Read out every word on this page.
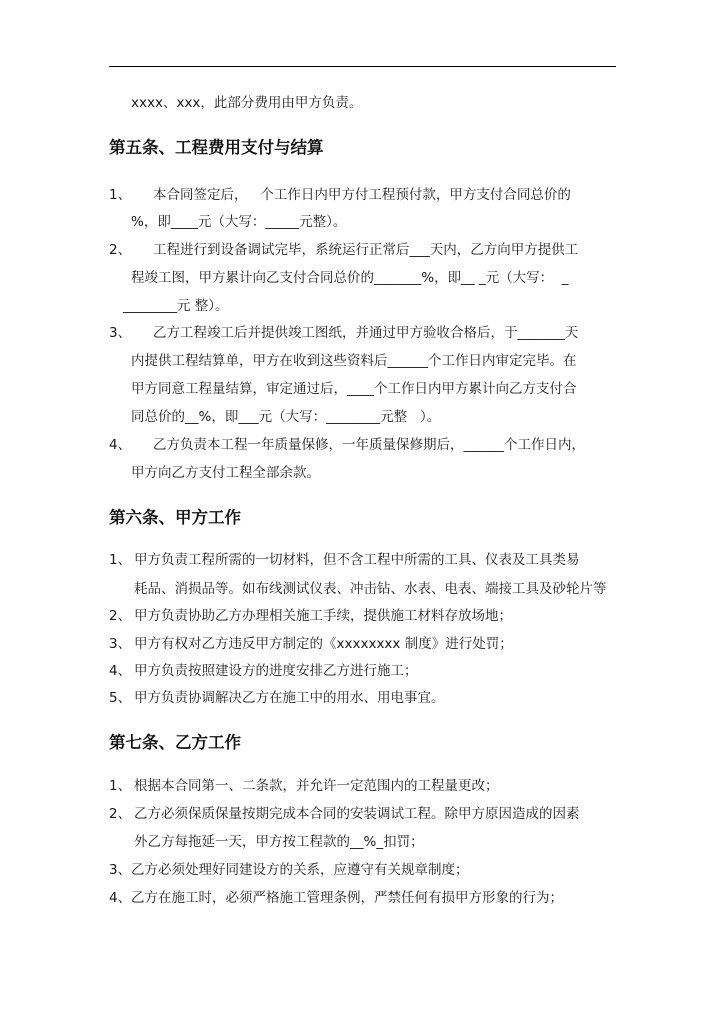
xxxx、xxx，此部分费用由甲方负责。
第五条、工程费用支付与结算
1、 本合同签定后，   个工作日内甲方付工程预付款，甲方支付合同总价的
%，即____元（大写：_____元整）。
2、 工程进行到设备调试完毕，系统运行正常后___天内，乙方向甲方提供工
程竣工图，甲方累计向乙支付合同总价的_______%，即__ _元（大写：  _
________元 整）。
3、 乙方工程竣工后并提供竣工图纸，并通过甲方验收合格后，于_______天
内提供工程结算单，甲方在收到这些资料后______个工作日内审定完毕。在
甲方同意工程量结算，审定通过后，____个工作日内甲方累计向乙方支付合
同总价的__%，即___元（大写：________元整   ）。
4、 乙方负责本工程一年质量保修，一年质量保修期后，______个工作日内，
甲方向乙方支付工程全部余款。
第六条、甲方工作
1、 甲方负责工程所需的一切材料，但不含工程中所需的工具、仪表及工具类易
耗品、消损品等。如布线测试仪表、冲击钻、水表、电表、端接工具及砂轮片等
2、 甲方负责协助乙方办理相关施工手续，提供施工材料存放场地；
3、 甲方有权对乙方违反甲方制定的《xxxxxxxx 制度》进行处罚；
4、 甲方负责按照建设方的进度安排乙方进行施工；
5、 甲方负责协调解决乙方在施工中的用水、用电事宜。
第七条、乙方工作
1、 根据本合同第一、二条款，并允许一定范围内的工程量更改；
2、 乙方必须保质保量按期完成本合同的安装调试工程。除甲方原因造成的因素
外乙方每拖延一天，甲方按工程款的__%_扣罚；
3、 乙方必须处理好同建设方的关系，应遵守有关规章制度；
4、 乙方在施工时，必须严格施工管理条例，严禁任何有损甲方形象的行为；
